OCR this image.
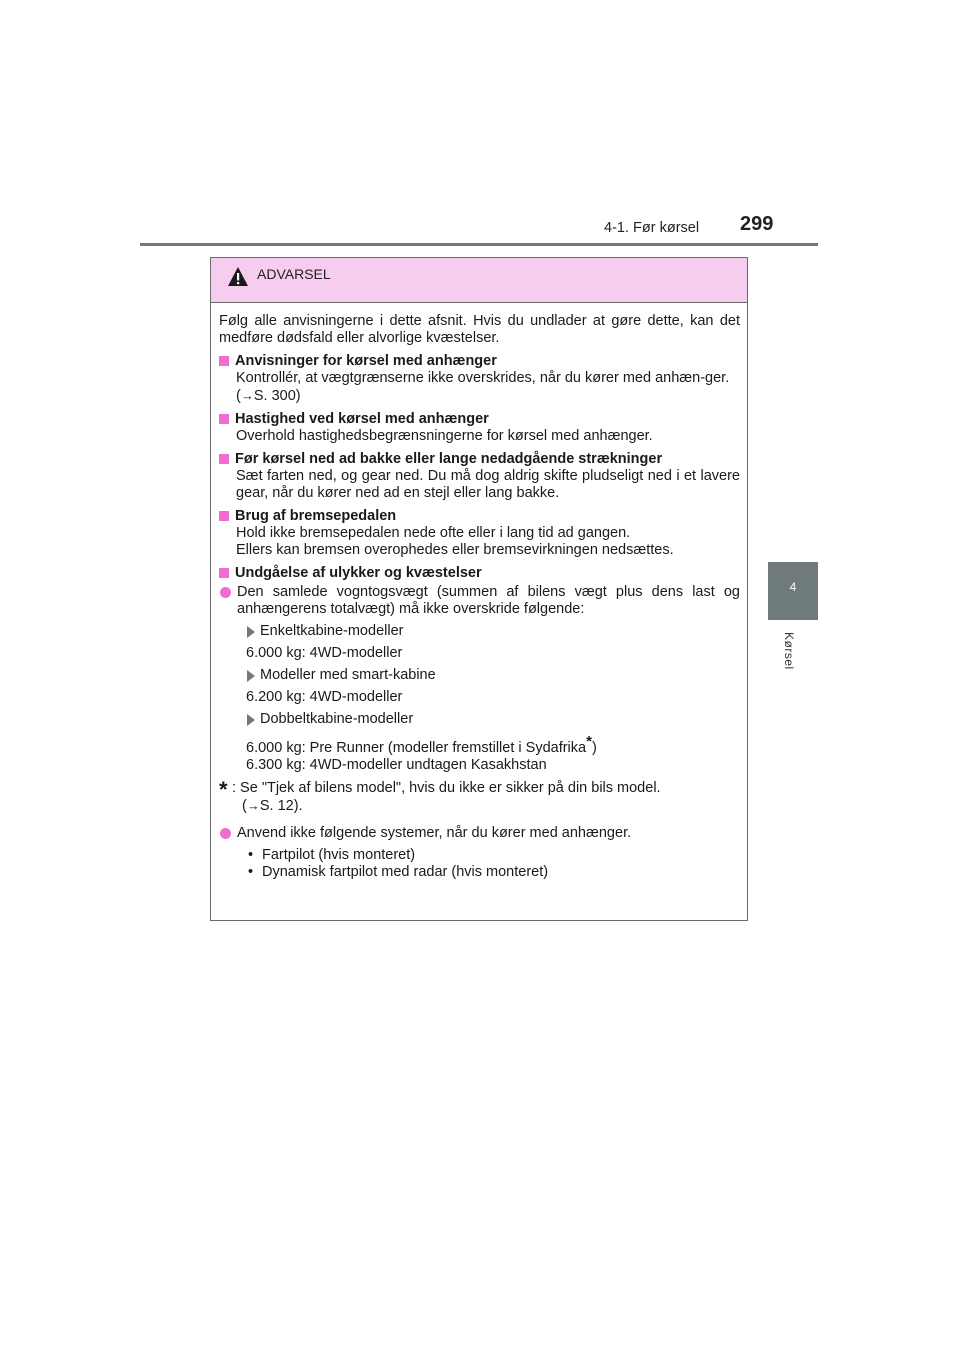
4-1. Før kørsel 299
4
Kørsel
ADVARSEL
Følg alle anvisningerne i dette afsnit. Hvis du undlader at gøre dette, kan det medføre dødsfald eller alvorlige kvæstelser.
Anvisninger for kørsel med anhænger
Kontrollér, at vægtgrænserne ikke overskrides, når du kører med anhæn-ger.
(→S. 300)
Hastighed ved kørsel med anhænger
Overhold hastighedsbegrænsningerne for kørsel med anhænger.
Før kørsel ned ad bakke eller lange nedadgående strækninger
Sæt farten ned, og gear ned. Du må dog aldrig skifte pludseligt ned i et lavere gear, når du kører ned ad en stejl eller lang bakke.
Brug af bremsepedalen
Hold ikke bremsepedalen nede ofte eller i lang tid ad gangen.
Ellers kan bremsen overophedes eller bremsevirkningen nedsættes.
Undgåelse af ulykker og kvæstelser
Den samlede vogntogsvægt (summen af bilens vægt plus dens last og anhængerens totalvægt) må ikke overskride følgende:
Enkeltkabine-modeller
6.000 kg: 4WD-modeller
Modeller med smart-kabine
6.200 kg: 4WD-modeller
Dobbeltkabine-modeller
6.000 kg: Pre Runner (modeller fremstillet i Sydafrika*)
6.300 kg: 4WD-modeller undtagen Kasakhstan
* : Se "Tjek af bilens model", hvis du ikke er sikker på din bils model.
(→S. 12).
Anvend ikke følgende systemer, når du kører med anhænger.
• Fartpilot (hvis monteret)
• Dynamisk fartpilot med radar (hvis monteret)
